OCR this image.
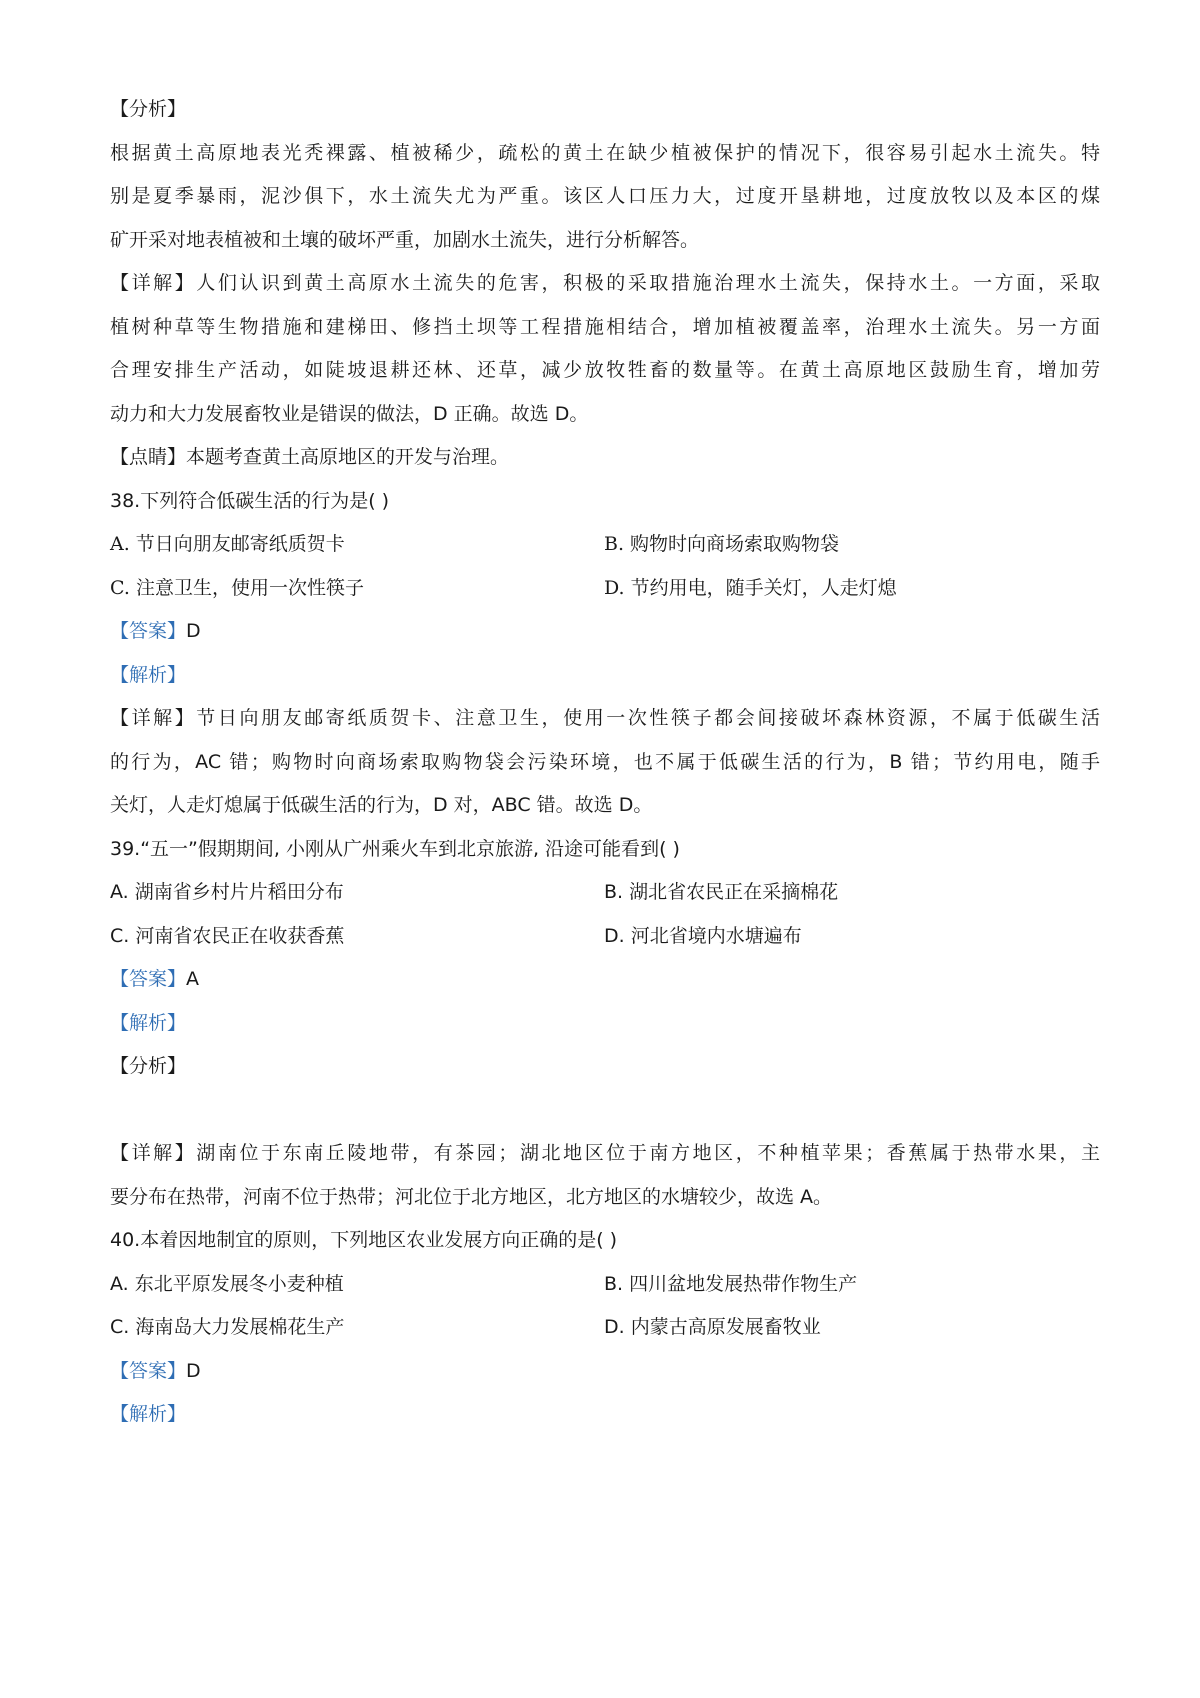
【分析】
根据黄土高原地表光秃裸露、植被稀少，疏松的黄土在缺少植被保护的情况下，很容易引起水土流失。特
别是夏季暴雨，泥沙俱下，水土流失尤为严重。该区人口压力大，过度开垦耕地，过度放牧以及本区的煤
矿开采对地表植被和土壤的破坏严重，加剧水土流失，进行分析解答。
【详解】人们认识到黄土高原水土流失的危害，积极的采取措施治理水土流失，保持水土。一方面，采取
植树种草等生物措施和建梯田、修挡土坝等工程措施相结合，增加植被覆盖率，治理水土流失。另一方面
合理安排生产活动，如陡坡退耕还林、还草，减少放牧牲畜的数量等。在黄土高原地区鼓励生育，增加劳
动力和大力发展畜牧业是错误的做法，D 正确。故选 D。
【点睛】本题考查黄土高原地区的开发与治理。
38.下列符合低碳生活的行为是( )
A. 节日向朋友邮寄纸质贺卡	B. 购物时向商场索取购物袋
C. 注意卫生，使用一次性筷子	D. 节约用电，随手关灯，人走灯熄
【答案】D
【解析】
【详解】节日向朋友邮寄纸质贺卡、注意卫生，使用一次性筷子都会间接破坏森林资源，不属于低碳生活
的行为，AC 错；购物时向商场索取购物袋会污染环境，也不属于低碳生活的行为，B 错；节约用电，随手
关灯，人走灯熄属于低碳生活的行为，D 对，ABC 错。故选 D。
39.“五一”假期期间, 小刚从广州乘火车到北京旅游, 沿途可能看到( )
A. 湖南省乡村片片稻田分布	B. 湖北省农民正在采摘棉花
C. 河南省农民正在收获香蕉	D. 河北省境内水塘遍布
【答案】A
【解析】
【分析】
【详解】湖南位于东南丘陵地带，有茶园；湖北地区位于南方地区，不种植苹果；香蕉属于热带水果，主
要分布在热带，河南不位于热带；河北位于北方地区，北方地区的水塘较少，故选 A。
40.本着因地制宜的原则，下列地区农业发展方向正确的是( )
A. 东北平原发展冬小麦种植	B. 四川盆地发展热带作物生产
C. 海南岛大力发展棉花生产	D. 内蒙古高原发展畜牧业
【答案】D
【解析】
